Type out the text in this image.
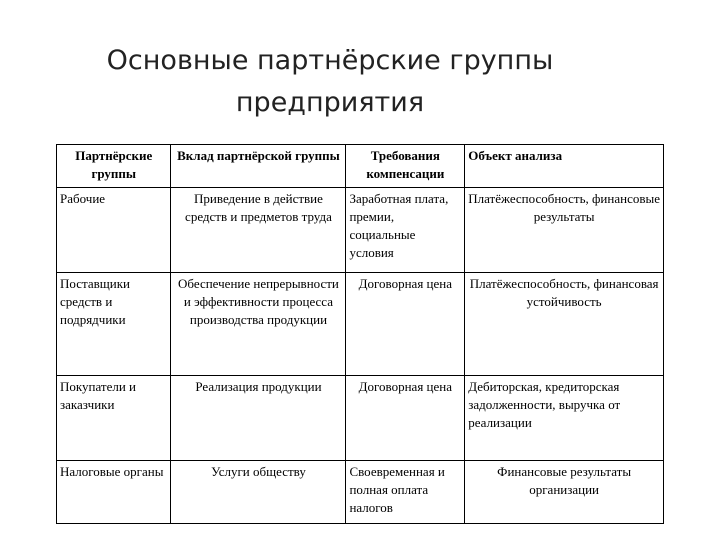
Основные партнёрские группы
предприятия
Партнёрские группы	Вклад партнёрской группы	Требования компенсации	Объект анализа
Рабочие	Приведение в действие средств и предметов труда	Заработная плата, премии, социальные условия	Платёжеспособность, финансовые результаты
Поставщики средств и подрядчики	Обеспечение непрерывности и эффективности процесса производства продукции	Договорная цена	Платёжеспособность, финансовая устойчивость
Покупатели и заказчики	Реализация продукции	Договорная цена	Дебиторская, кредиторская задолженности, выручка от реализации
Налоговые органы	Услуги обществу	Своевременная и полная оплата налогов	Финансовые результаты организации
